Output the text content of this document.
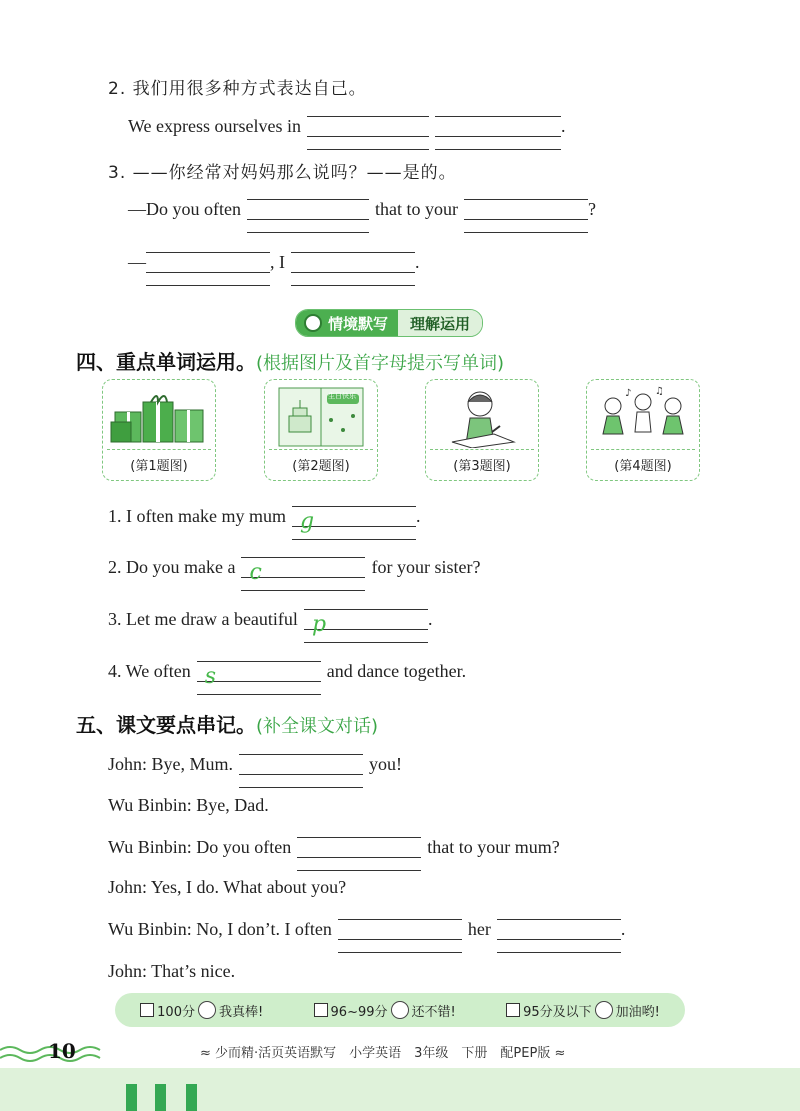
2. 我们用很多种方式表达自己。
We express ourselves in	.
3. ——你经常对妈妈那么说吗？——是的。
—Do you often	that to your	?
—	, I	.
情境默写	理解运用
四、重点单词运用。(根据图片及首字母提示写单词)
(第1题图)
生日快乐
(第2题图)	(第3题图)
♪ ♫
(第4题图)
1. I often make my mum g	.
2. Do you make a c	for your sister?
3. Let me draw a beautiful p	.
4. We often s	and dance together.
五、课文要点串记。(补全课文对话)
John: Bye, Mum.	you!
Wu Binbin: Bye, Dad.
Wu Binbin: Do you often	that to your mum?
John: Yes, I do. What about you?
Wu Binbin: No, I don’t. I often	her	.
John: That’s nice.
100分 我真棒!	96~99分 还不错!	95分及以下 加油哟!
10	≈ 少而精·活页英语默写　小学英语　3年级　下册　配PEP版 ≈
